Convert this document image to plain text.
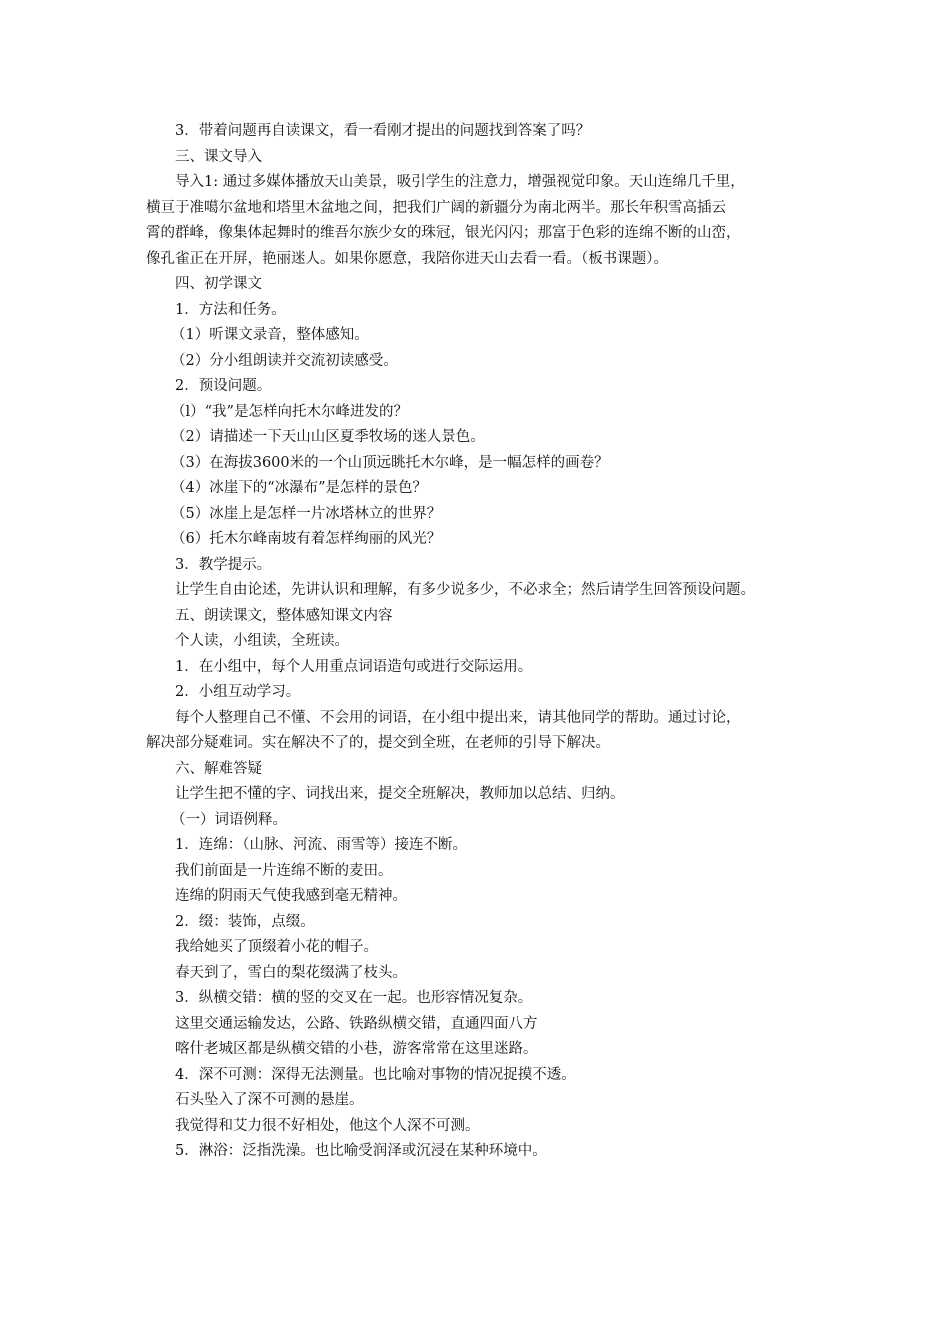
3．带着问题再自读课文，看一看刚才提出的问题找到答案了吗？
三、课文导入
导入1: 通过多媒体播放天山美景，吸引学生的注意力，增强视觉印象。天山连绵几千里，
横亘于准噶尔盆地和塔里木盆地之间，把我们广阔的新疆分为南北两半。那长年积雪高插云
霄的群峰，像集体起舞时的维吾尔族少女的珠冠，银光闪闪；那富于色彩的连绵不断的山峦，
像孔雀正在开屏，艳丽迷人。如果你愿意，我陪你进天山去看一看。（板书课题）。
四、初学课文
1．方法和任务。
（1）听课文录音，整体感知。
（2）分小组朗读并交流初读感受。
2．预设问题。
（l）“我”是怎样向托木尔峰进发的？
（2）请描述一下天山山区夏季牧场的迷人景色。
（3）在海拔3600米的一个山顶远眺托木尔峰，是一幅怎样的画卷？
（4）冰崖下的“冰瀑布”是怎样的景色？
（5）冰崖上是怎样一片冰塔林立的世界？
（6）托木尔峰南坡有着怎样绚丽的风光？
3．教学提示。
让学生自由论述，先讲认识和理解，有多少说多少，不必求全；然后请学生回答预设问题。
五、朗读课文，整体感知课文内容
个人读，小组读，全班读。
1．在小组中，每个人用重点词语造句或进行交际运用。
2．小组互动学习。
每个人整理自己不懂、不会用的词语，在小组中提出来，请其他同学的帮助。通过讨论，
解决部分疑难词。实在解决不了的，提交到全班，在老师的引导下解决。
六、解难答疑
让学生把不懂的字、词找出来，提交全班解决，教师加以总结、归纳。
（一）词语例释。
1．连绵：（山脉、河流、雨雪等）接连不断。
我们前面是一片连绵不断的麦田。
连绵的阴雨天气使我感到毫无精神。
2．缀：装饰，点缀。
我给她买了顶缀着小花的帽子。
春天到了，雪白的梨花缀满了枝头。
3．纵横交错：横的竖的交叉在一起。也形容情况复杂。
这里交通运输发达，公路、铁路纵横交错，直通四面八方
喀什老城区都是纵横交错的小巷，游客常常在这里迷路。
4．深不可测：深得无法测量。也比喻对事物的情况捉摸不透。
石头坠入了深不可测的悬崖。
我觉得和艾力很不好相处，他这个人深不可测。
5．淋浴：泛指洗澡。也比喻受润泽或沉浸在某种环境中。
